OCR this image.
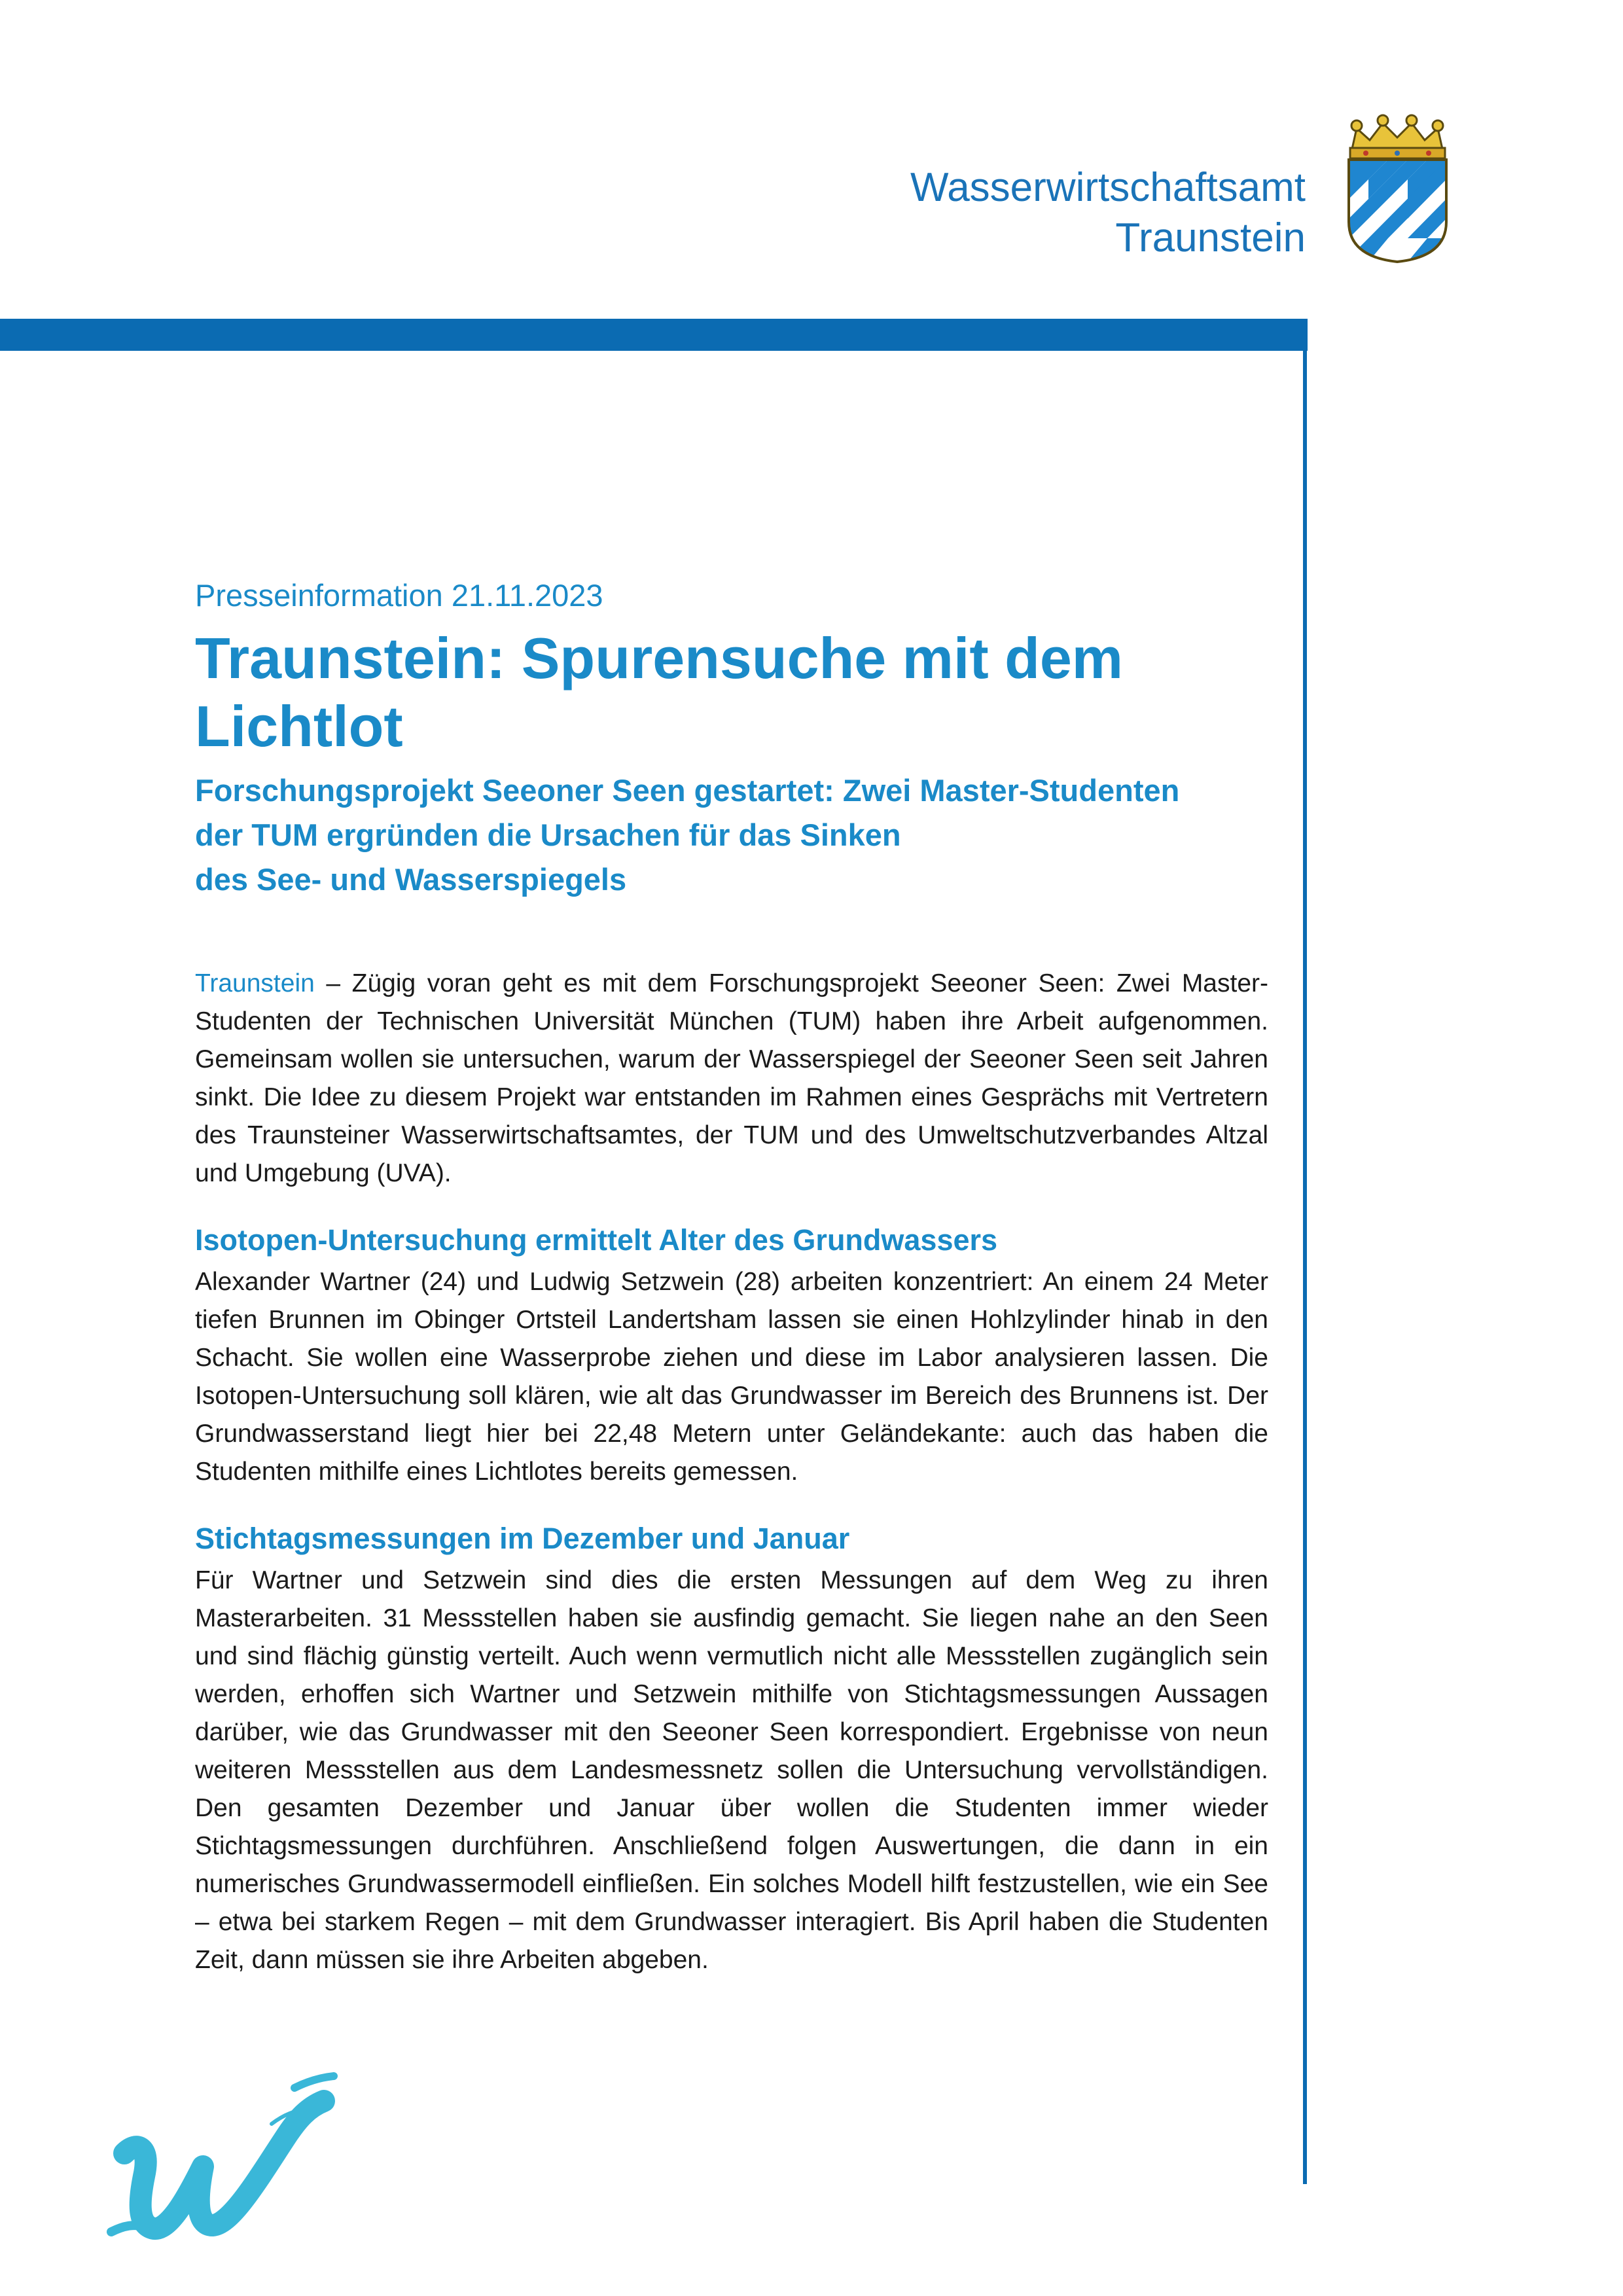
Wasserwirtschaftsamt
Traunstein
Presseinformation 21.11.2023
Traunstein: Spurensuche mit dem Lichtlot
Forschungsprojekt Seeoner Seen gestartet: Zwei Master-Studenten
der TUM ergründen die Ursachen für das Sinken
des See- und Wasserspiegels

Traunstein – Zügig voran geht es mit dem Forschungsprojekt Seeoner Seen: Zwei Master-Studenten der Technischen Universität München (TUM) haben ihre Arbeit aufgenommen. Gemeinsam wollen sie untersuchen, warum der Wasserspiegel der Seeoner Seen seit Jahren sinkt. Die Idee zu diesem Projekt war entstanden im Rahmen eines Gesprächs mit Vertretern des Traunsteiner Wasserwirtschaftsamtes, der TUM und des Umweltschutzverbandes Altzal und Umgebung (UVA).

Isotopen-Untersuchung ermittelt Alter des Grundwassers

Alexander Wartner (24) und Ludwig Setzwein (28) arbeiten konzentriert: An einem 24 Meter tiefen Brunnen im Obinger Ortsteil Landertsham lassen sie einen Hohlzylinder hinab in den Schacht. Sie wollen eine Wasserprobe ziehen und diese im Labor analysieren lassen. Die Isotopen-Untersuchung soll klären, wie alt das Grundwasser im Bereich des Brunnens ist. Der Grundwasserstand liegt hier bei 22,48 Metern unter Geländekante: auch das haben die Studenten mithilfe eines Lichtlotes bereits gemessen.

Stichtagsmessungen im Dezember und Januar

Für Wartner und Setzwein sind dies die ersten Messungen auf dem Weg zu ihren Masterarbeiten. 31 Messstellen haben sie ausfindig gemacht. Sie liegen nahe an den Seen und sind flächig günstig verteilt. Auch wenn vermutlich nicht alle Messstellen zugänglich sein werden, erhoffen sich Wartner und Setzwein mithilfe von Stichtagsmessungen Aussagen darüber, wie das Grundwasser mit den Seeoner Seen korrespondiert. Ergebnisse von neun weiteren Messstellen aus dem Landesmessnetz sollen die Untersuchung vervollständigen. Den gesamten Dezember und Januar über wollen die Studenten immer wieder Stichtagsmessungen durchführen. Anschließend folgen Auswertungen, die dann in ein numerisches Grundwassermodell einfließen. Ein solches Modell hilft festzustellen, wie ein See – etwa bei starkem Regen – mit dem Grundwasser interagiert. Bis April haben die Studenten Zeit, dann müssen sie ihre Arbeiten abgeben.
